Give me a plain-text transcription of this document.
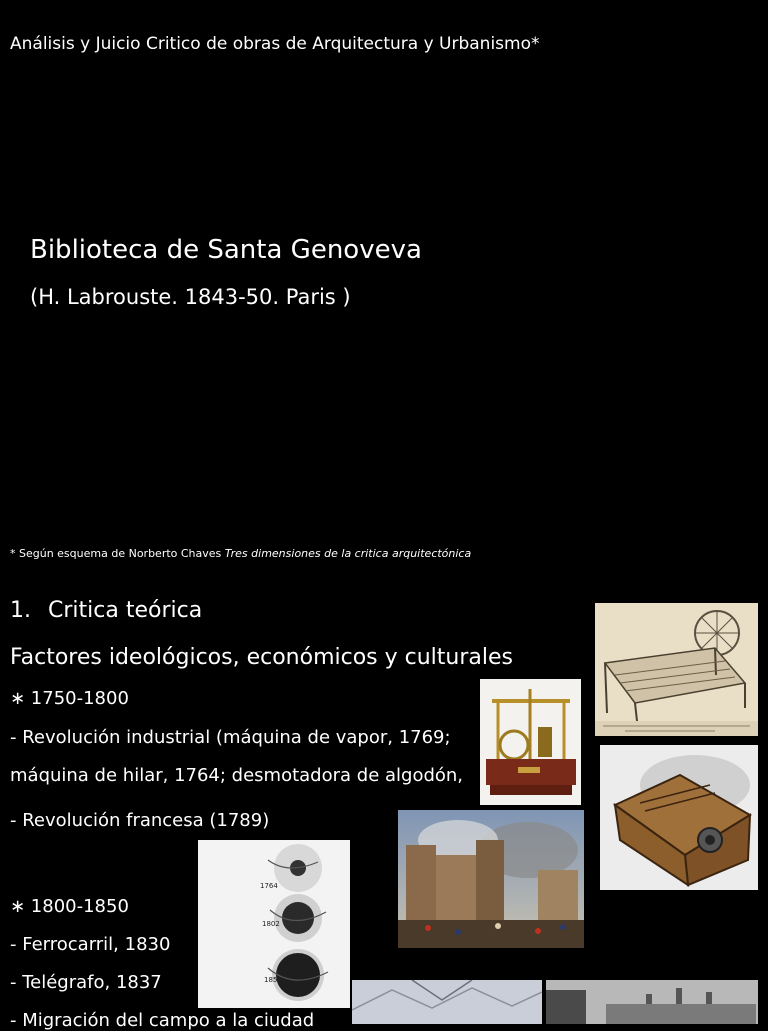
Análisis y Juicio Critico de obras de Arquitectura y Urbanismo*
Biblioteca de Santa Genoveva
(H. Labrouste. 1843-50. Paris )
* Según esquema de Norberto Chaves Tres dimensiones de la critica arquitectónica
1. Critica teórica
Factores ideológicos, económicos y culturales
∗ 1750-1800
- Revolución industrial (máquina de vapor, 1769;
máquina de hilar, 1764; desmotadora de algodón,
- Revolución francesa (1789)
∗ 1800-1850
- Ferrocarril, 1830
- Telégrafo, 1837
- Migración del campo a la ciudad
1764
1802
1854
